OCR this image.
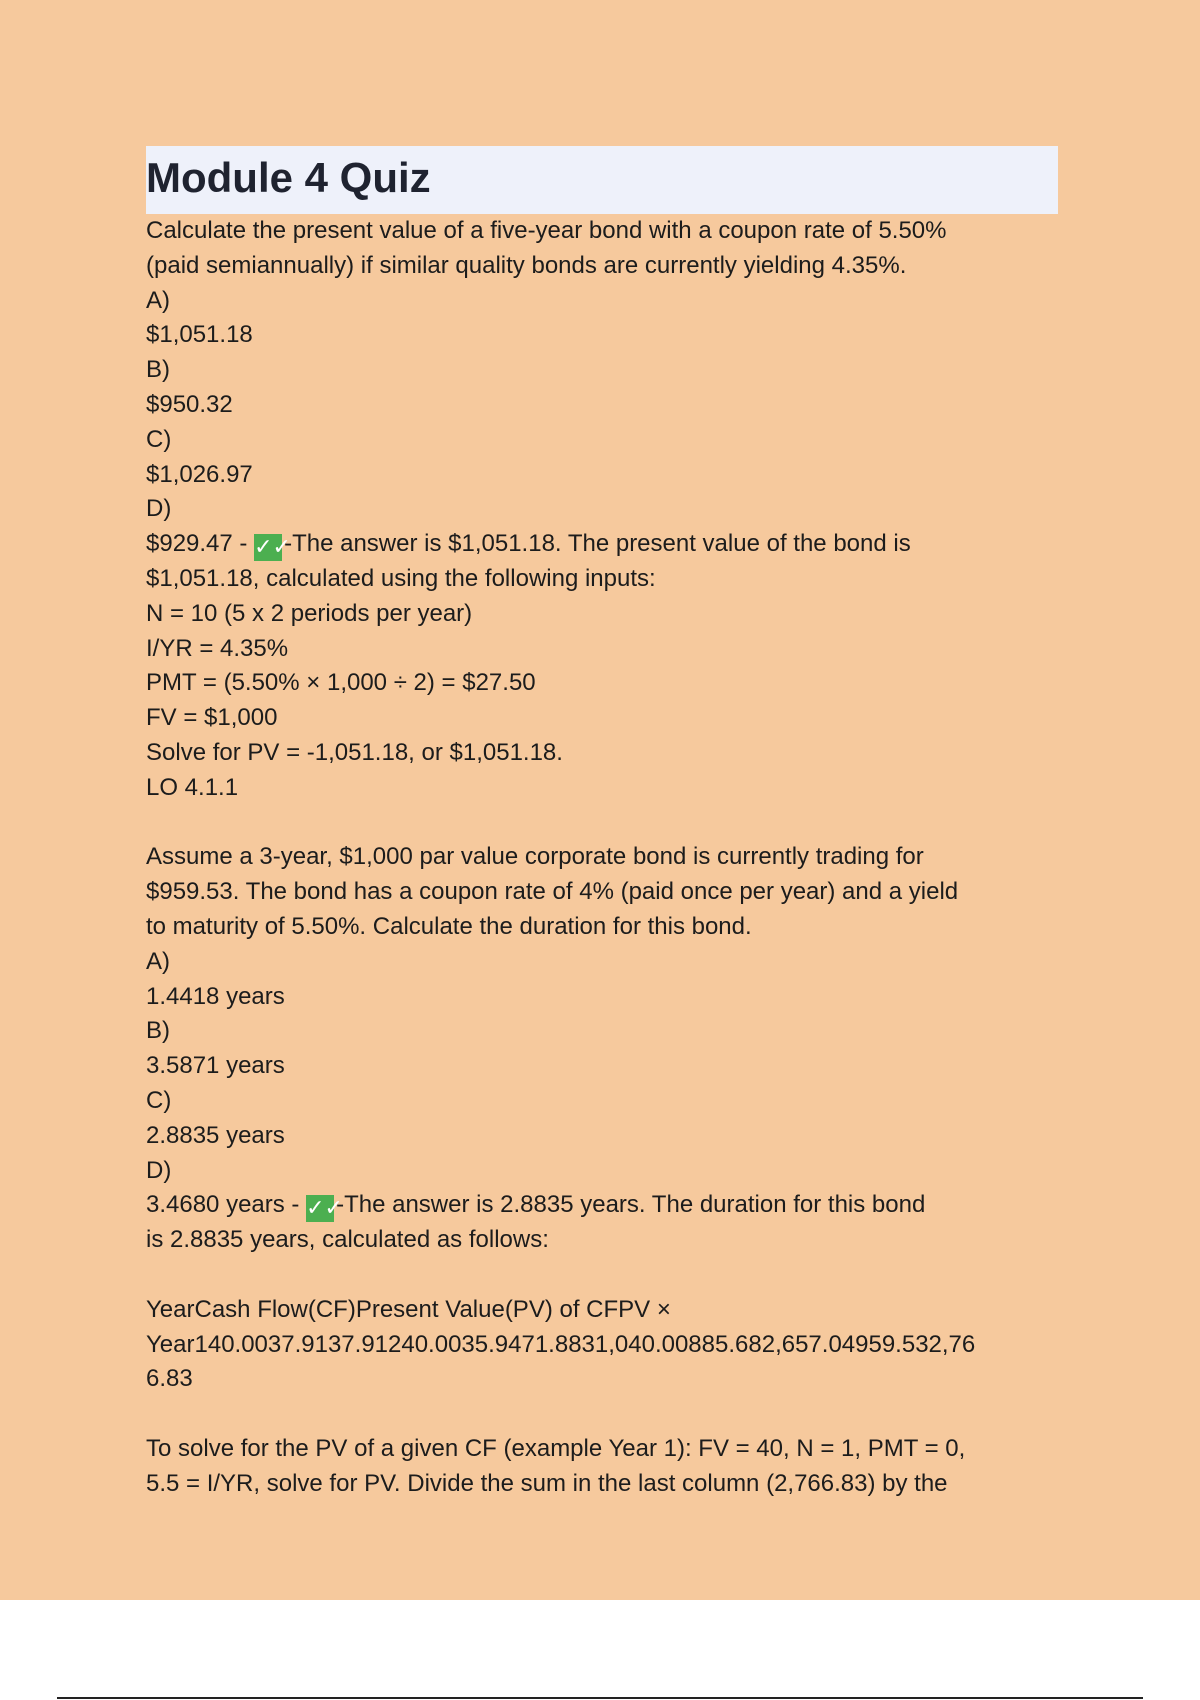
Module 4 Quiz

Calculate the present value of a five-year bond with a coupon rate of 5.50%

(paid semiannually) if similar quality bonds are currently yielding 4.35%.

A)

$1,051.18

B)

$950.32

C)

$1,026.97

D)

$929.47 - ✓✓-The answer is $1,051.18. The present value of the bond is

$1,051.18, calculated using the following inputs:

N = 10 (5 x 2 periods per year)

I/YR = 4.35%

PMT = (5.50% × 1,000 ÷ 2) = $27.50

FV = $1,000

Solve for PV = -1,051.18, or $1,051.18.

LO 4.1.1

Assume a 3-year, $1,000 par value corporate bond is currently trading for

$959.53. The bond has a coupon rate of 4% (paid once per year) and a yield

to maturity of 5.50%. Calculate the duration for this bond.

A)

1.4418 years

B)

3.5871 years

C)

2.8835 years

D)

3.4680 years - ✓✓-The answer is 2.8835 years. The duration for this bond

is 2.8835 years, calculated as follows:

YearCash Flow(CF)Present Value(PV) of CFPV ×

Year140.0037.9137.91240.0035.9471.8831,040.00885.682,657.04959.532,76

6.83

To solve for the PV of a given CF (example Year 1): FV = 40, N = 1, PMT = 0,

5.5 = I/YR, solve for PV. Divide the sum in the last column (2,766.83) by the
